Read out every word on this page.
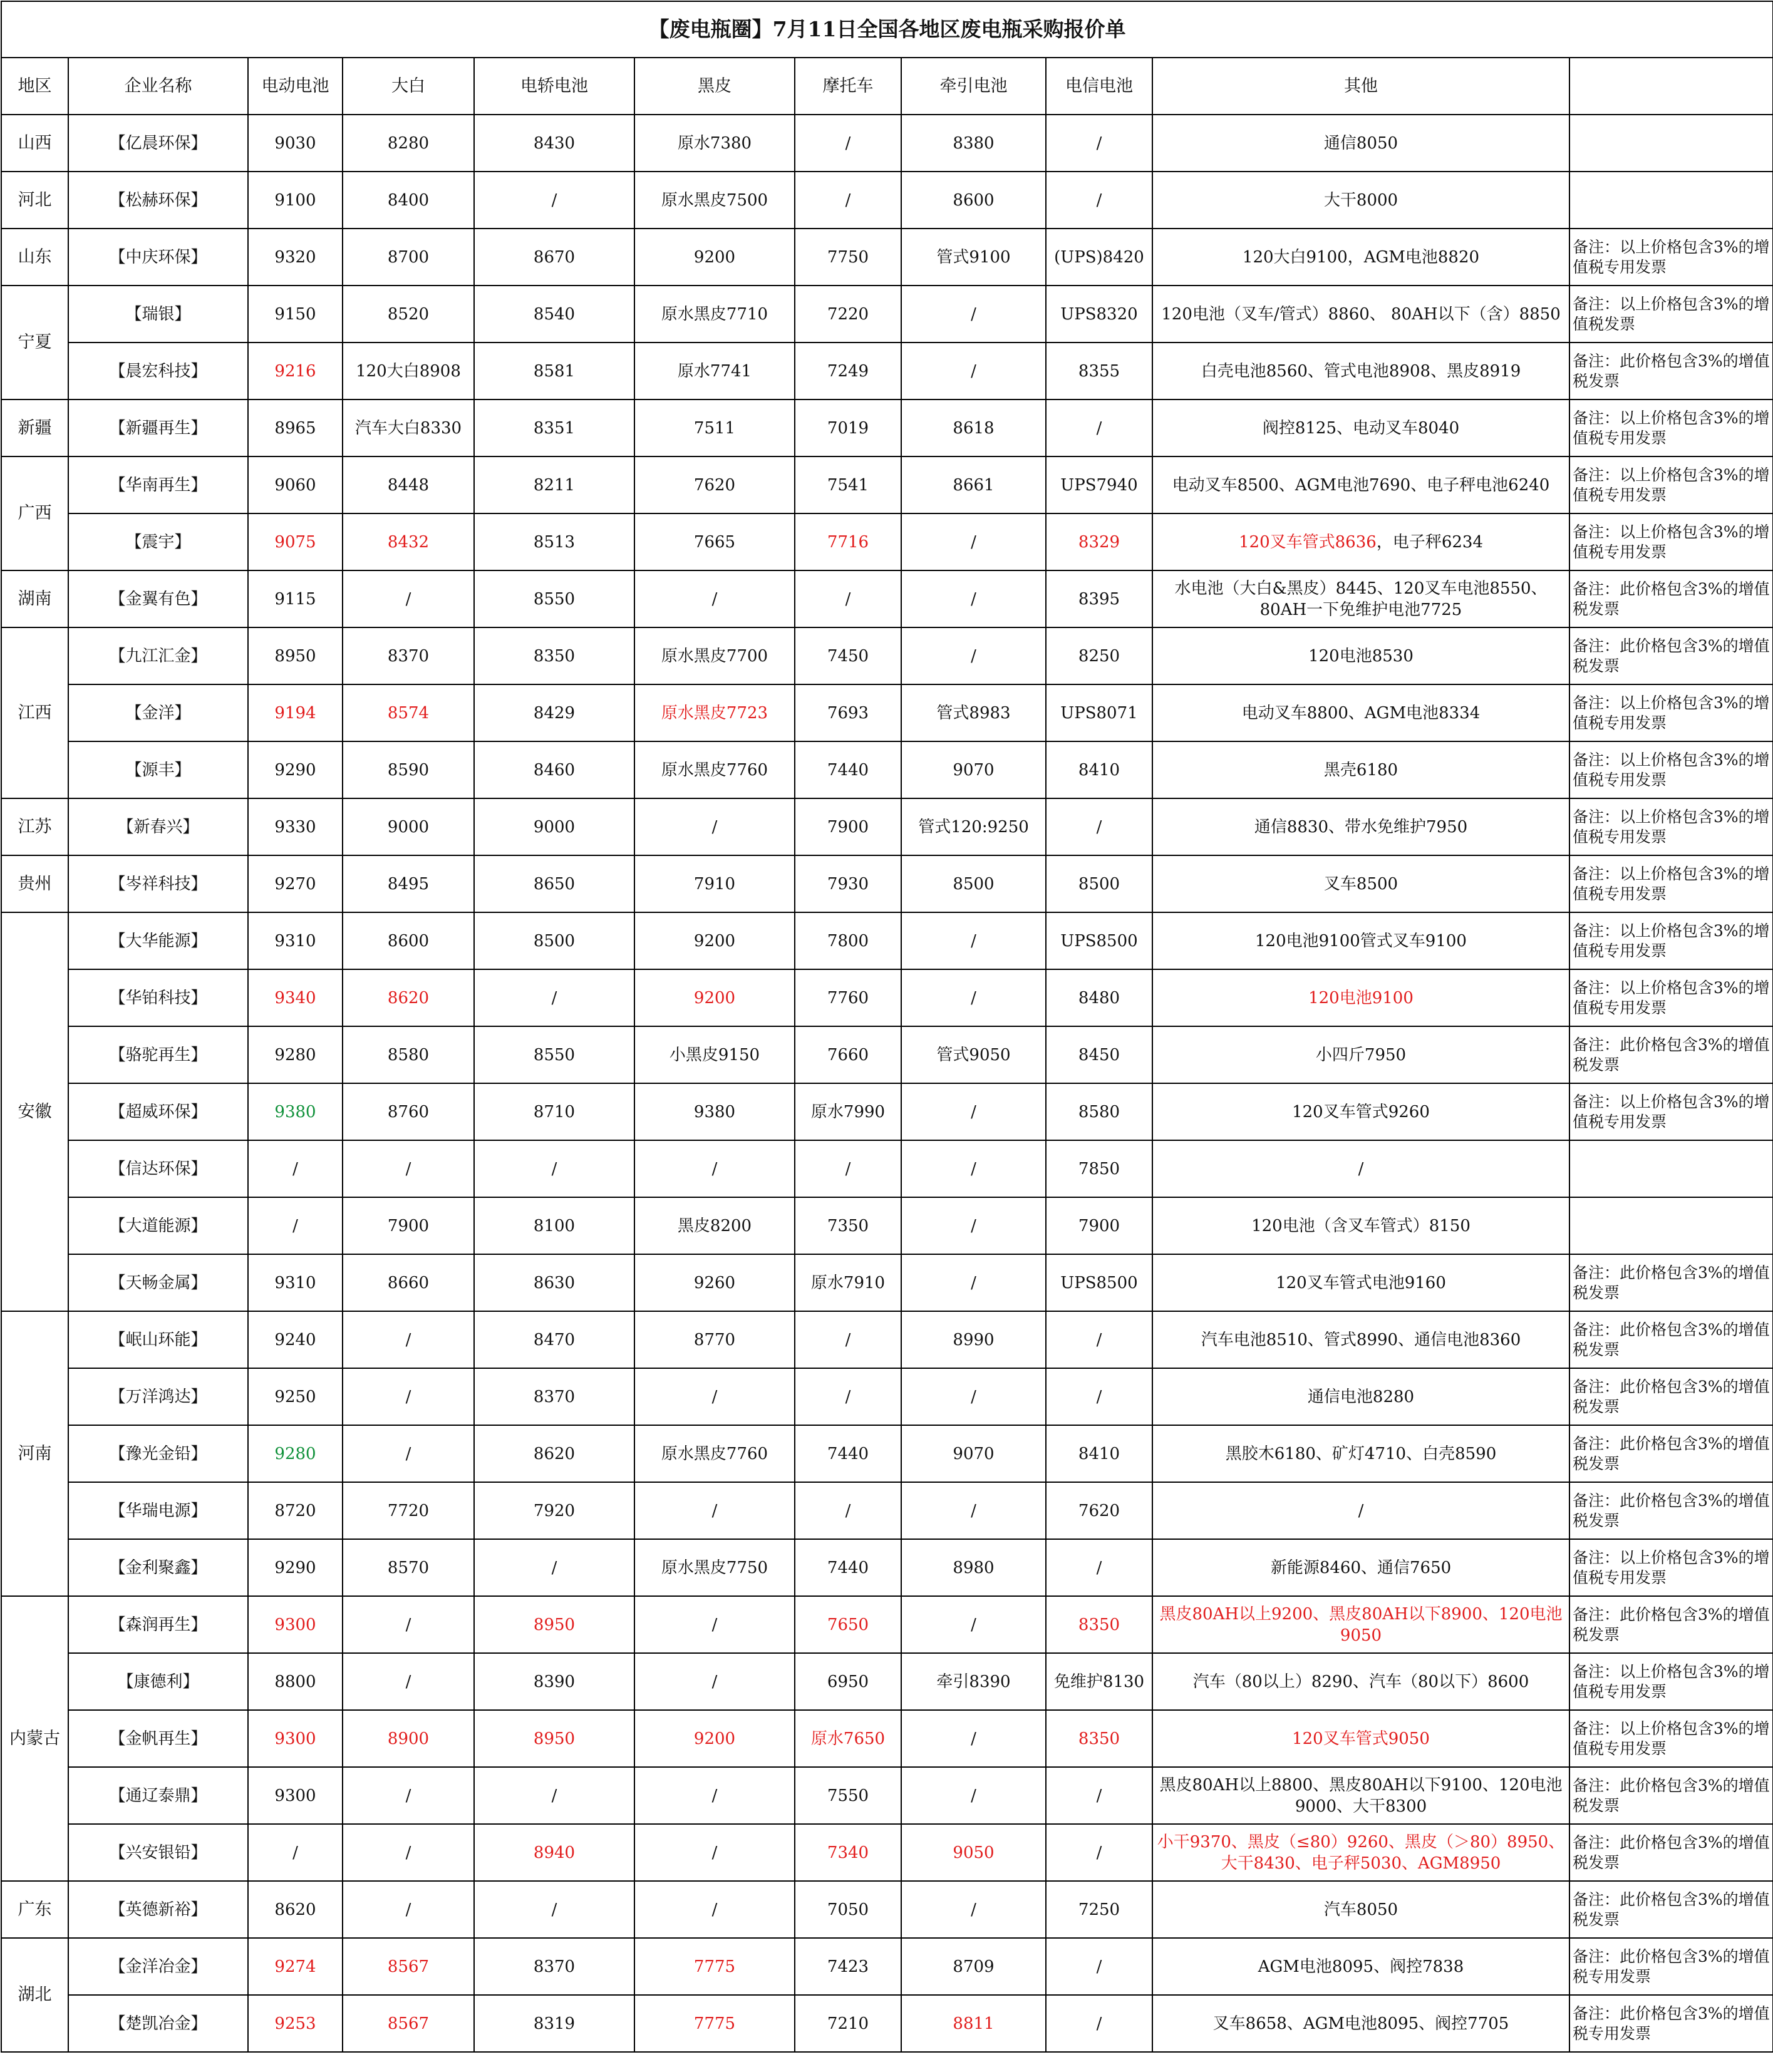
【废电瓶圈】7月11日全国各地区废电瓶采购报价单										
地区	企业名称	电动电池	大白	电轿电池	黑皮	摩托车	牵引电池	电信电池	其他	
山西	【亿晨环保】	9030	8280	8430	原水7380	/	8380	/	通信8050	
河北	【松赫环保】	9100	8400	/	原水黑皮7500	/	8600	/	大干8000	
山东	【中庆环保】	9320	8700	8670	9200	7750	管式9100	(UPS)8420	120大白9100，AGM电池8820	备注：以上价格包含3%的增值税专用发票
宁夏	【瑞银】	9150	8520	8540	原水黑皮7710	7220	/	UPS8320	120电池（叉车/管式）8860、 80AH以下（含）8850	备注：以上价格包含3%的增值税发票
	【晨宏科技】	9216	120大白8908	8581	原水7741	7249	/	8355	白壳电池8560、管式电池8908、黑皮8919	备注：此价格包含3%的增值税发票
新疆	【新疆再生】	8965	汽车大白8330	8351	7511	7019	8618	/	阀控8125、电动叉车8040	备注：以上价格包含3%的增值税专用发票
广西	【华南再生】	9060	8448	8211	7620	7541	8661	UPS7940	电动叉车8500、AGM电池7690、电子秤电池6240	备注：以上价格包含3%的增值税专用发票
	【震宇】	9075	8432	8513	7665	7716	/	8329	120叉车管式8636，电子秤6234	备注：以上价格包含3%的增值税专用发票
湖南	【金翼有色】	9115	/	8550	/	/	/	8395	水电池（大白&黑皮）8445、120叉车电池8550、80AH一下免维护电池7725	备注：此价格包含3%的增值税发票
江西	【九江汇金】	8950	8370	8350	原水黑皮7700	7450	/	8250	120电池8530	备注：此价格包含3%的增值税发票
	【金洋】	9194	8574	8429	原水黑皮7723	7693	管式8983	UPS8071	电动叉车8800、AGM电池8334	备注：以上价格包含3%的增值税专用发票
	【源丰】	9290	8590	8460	原水黑皮7760	7440	9070	8410	黑壳6180	备注：以上价格包含3%的增值税专用发票
江苏	【新春兴】	9330	9000	9000	/	7900	管式120:9250	/	通信8830、带水免维护7950	备注：以上价格包含3%的增值税专用发票
贵州	【岑祥科技】	9270	8495	8650	7910	7930	8500	8500	叉车8500	备注：以上价格包含3%的增值税专用发票
安徽	【大华能源】	9310	8600	8500	9200	7800	/	UPS8500	120电池9100管式叉车9100	备注：以上价格包含3%的增值税专用发票
	【华铂科技】	9340	8620	/	9200	7760	/	8480	120电池9100	备注：以上价格包含3%的增值税专用发票
	【骆驼再生】	9280	8580	8550	小黑皮9150	7660	管式9050	8450	小四斤7950	备注：此价格包含3%的增值税发票
	【超威环保】	9380	8760	8710	9380	原水7990	/	8580	120叉车管式9260	备注：以上价格包含3%的增值税专用发票
	【信达环保】	/	/	/	/	/	/	7850	/	
	【大道能源】	/	7900	8100	黑皮8200	7350	/	7900	120电池（含叉车管式）8150	
	【天畅金属】	9310	8660	8630	9260	原水7910	/	UPS8500	120叉车管式电池9160	备注：此价格包含3%的增值税发票
河南	【岷山环能】	9240	/	8470	8770	/	8990	/	汽车电池8510、管式8990、通信电池8360	备注：此价格包含3%的增值税发票
	【万洋鸿达】	9250	/	8370	/	/	/	/	通信电池8280	备注：此价格包含3%的增值税发票
	【豫光金铅】	9280	/	8620	原水黑皮7760	7440	9070	8410	黑胶木6180、矿灯4710、白壳8590	备注：此价格包含3%的增值税发票
	【华瑞电源】	8720	7720	7920	/	/	/	7620	/	备注：此价格包含3%的增值税发票
	【金利聚鑫】	9290	8570	/	原水黑皮7750	7440	8980	/	新能源8460、通信7650	备注：以上价格包含3%的增值税专用发票
内蒙古	【森润再生】	9300	/	8950	/	7650	/	8350	黑皮80AH以上9200、黑皮80AH以下8900、120电池9050	备注：此价格包含3%的增值税发票
	【康德利】	8800	/	8390	/	6950	牵引8390	免维护8130	汽车（80以上）8290、汽车（80以下）8600	备注：以上价格包含3%的增值税专用发票
	【金帆再生】	9300	8900	8950	9200	原水7650	/	8350	120叉车管式9050	备注：以上价格包含3%的增值税专用发票
	【通辽泰鼎】	9300	/	/	/	7550	/	/	黑皮80AH以上8800、黑皮80AH以下9100、120电池9000、大干8300	备注：此价格包含3%的增值税发票
	【兴安银铅】	/	/	8940	/	7340	9050	/	小干9370、黑皮（≤80）9260、黑皮（＞80）8950、大干8430、电子秤5030、AGM8950	备注：此价格包含3%的增值税发票
广东	【英德新裕】	8620	/	/	/	7050	/	7250	汽车8050	备注：此价格包含3%的增值税发票
湖北	【金洋冶金】	9274	8567	8370	7775	7423	8709	/	AGM电池8095、阀控7838	备注：此价格包含3%的增值税专用发票
	【楚凯冶金】	9253	8567	8319	7775	7210	8811	/	叉车8658、AGM电池8095、阀控7705	备注：此价格包含3%的增值税专用发票
